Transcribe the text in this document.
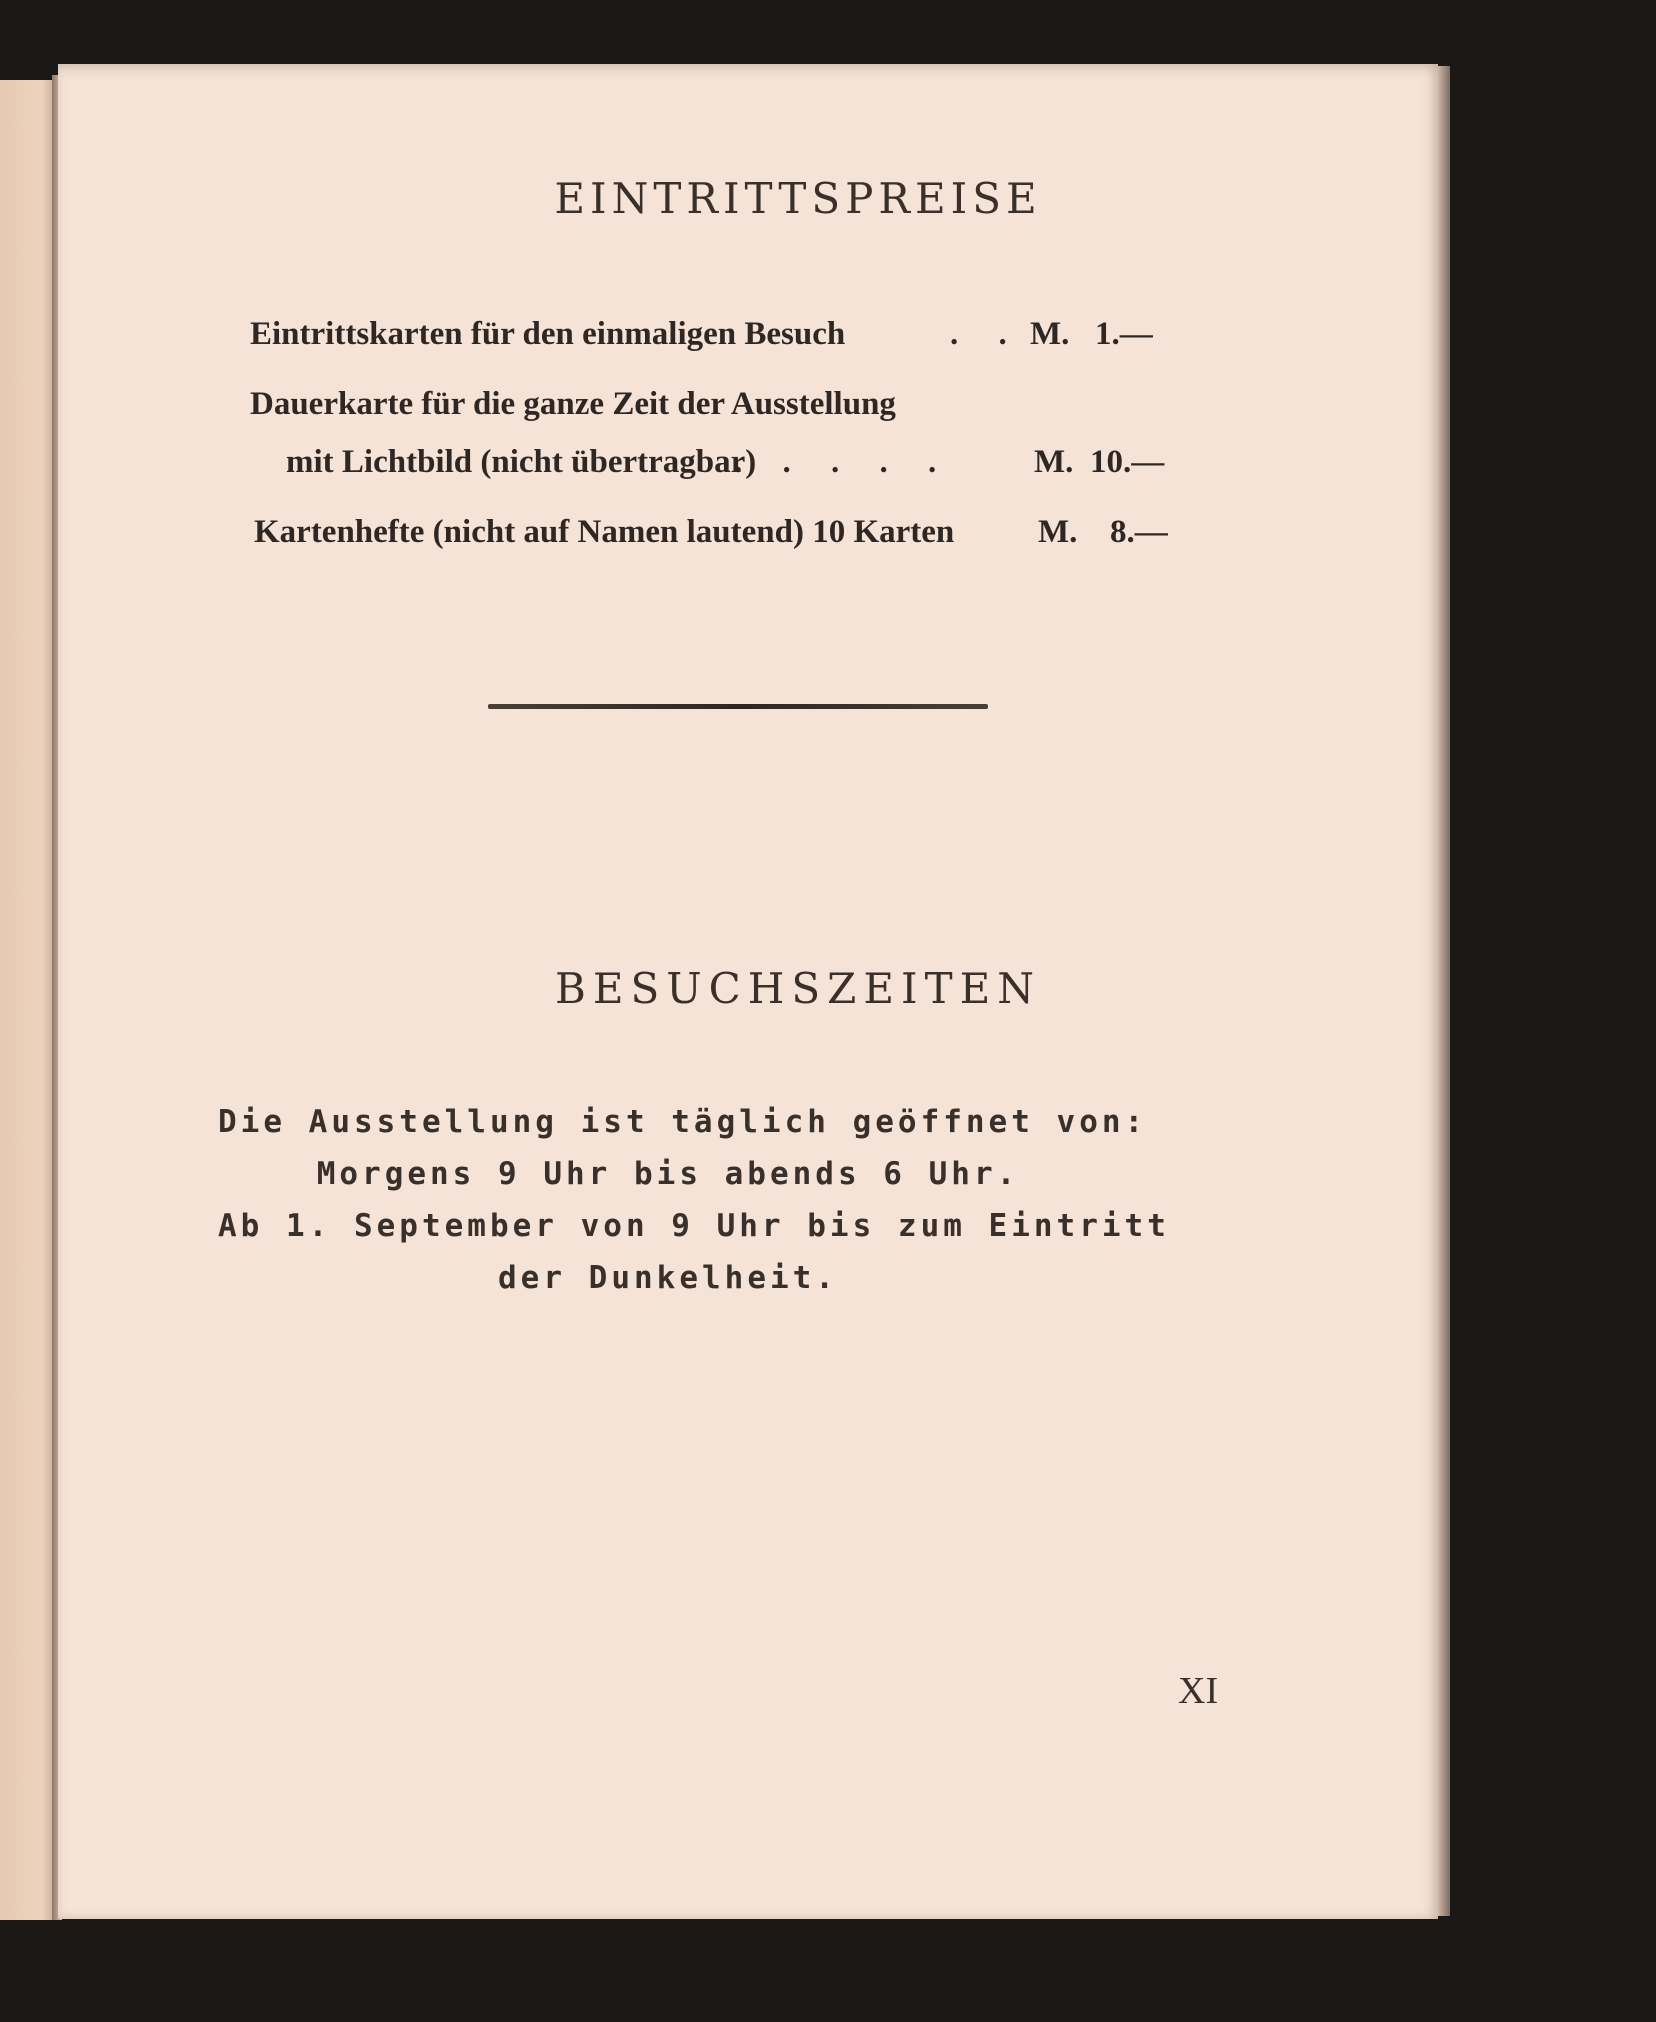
EINTRITTSPREISE
Eintrittskarten für den einmaligen Besuch	. . M. 1.—
Dauerkarte für die ganze Zeit der Ausstellung
mit Lichtbild (nicht übertragbar)
. . . . . M. 10.—
Kartenhefte (nicht auf Namen lautend) 10 Karten	M. 8.—
BESUCHSZEITEN
Die Ausstellung ist täglich geöffnet von:
Morgens 9 Uhr bis abends 6 Uhr.
Ab 1. September von 9 Uhr bis zum Eintritt
der Dunkelheit.
XI
